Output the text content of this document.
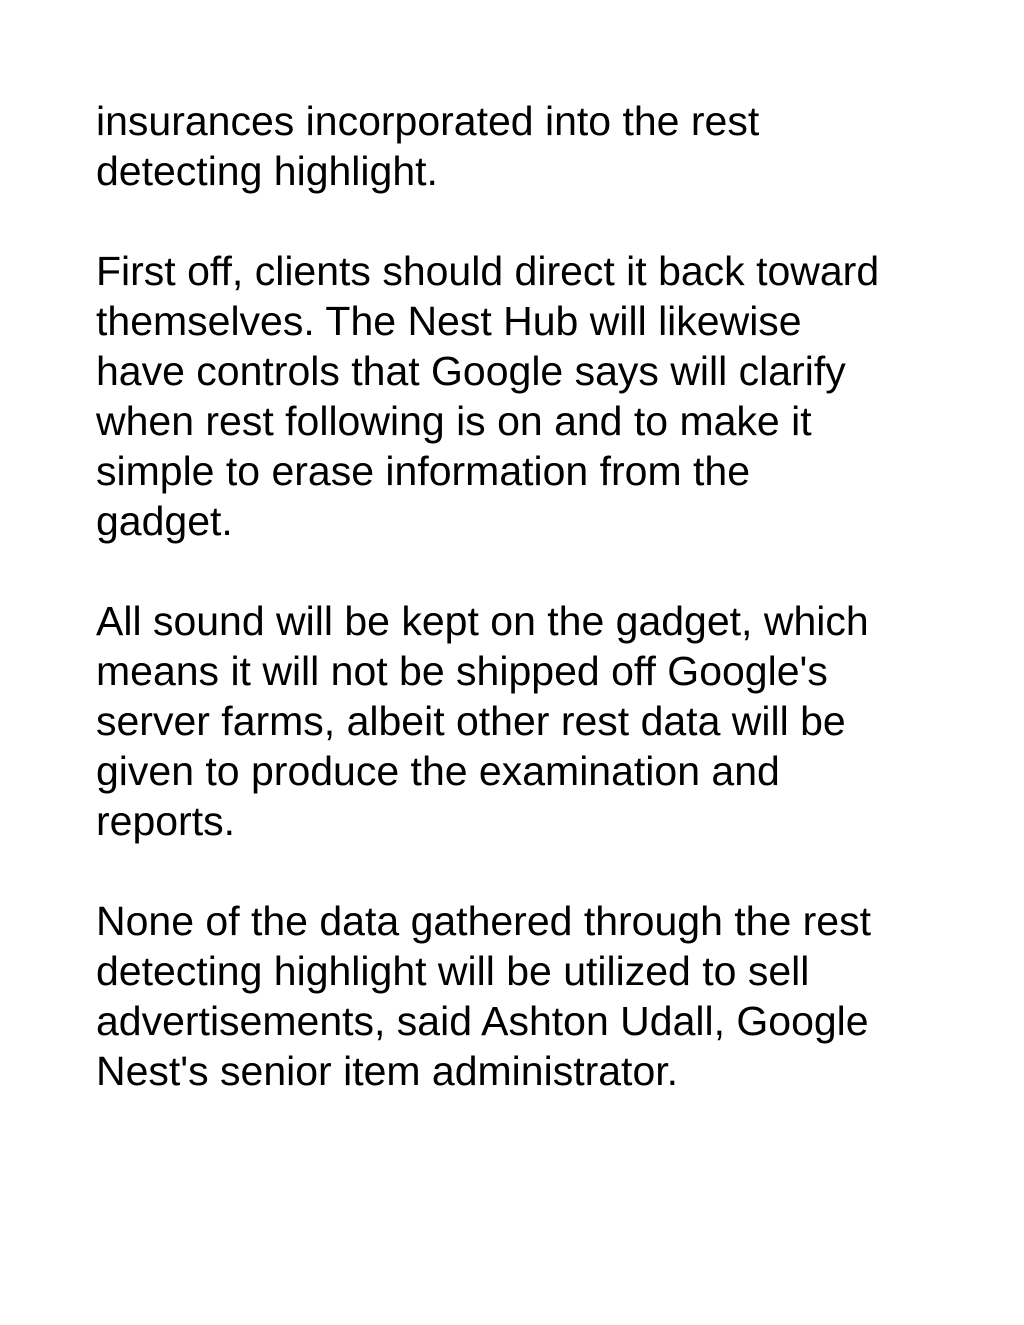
insurances incorporated into the rest
detecting highlight.

First off, clients should direct it back toward
themselves. The Nest Hub will likewise
have controls that Google says will clarify
when rest following is on and to make it
simple to erase information from the
gadget.

All sound will be kept on the gadget, which
means it will not be shipped off Google's
server farms, albeit other rest data will be
given to produce the examination and
reports.

None of the data gathered through the rest
detecting highlight will be utilized to sell
advertisements, said Ashton Udall, Google
Nest's senior item administrator.
